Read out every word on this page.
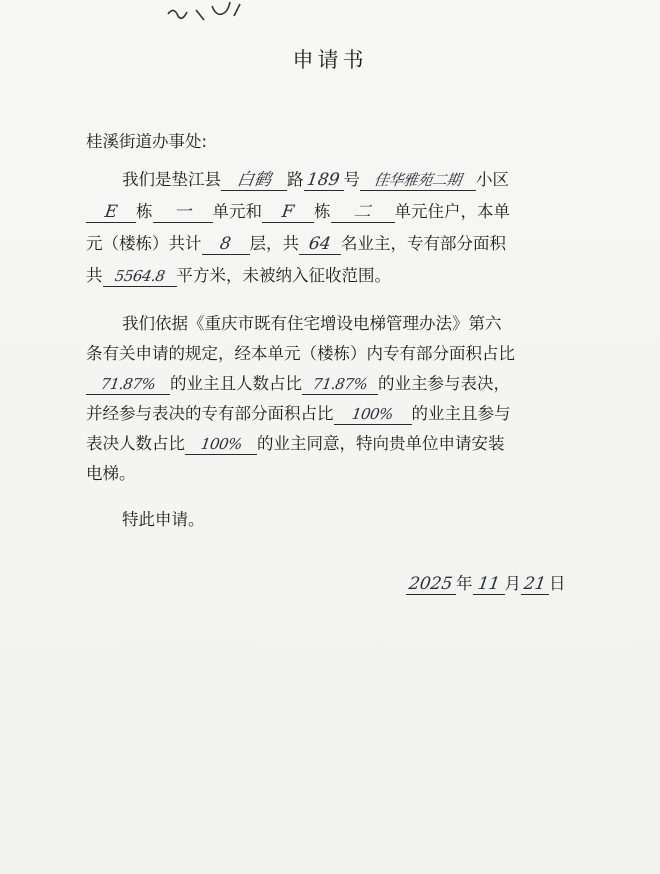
申请书
桂溪街道办事处:
我们是垫江县 白鹤 路 189 号 佳华雅苑二期 小区
E 栋 一 单元和 F 栋 二 单元住户，本单
元（楼栋）共计 8 层，共 64 名业主，专有部分面积
共 5564.8 平方米，未被纳入征收范围。
我们依据《重庆市既有住宅增设电梯管理办法》第六
条有关申请的规定，经本单元（楼栋）内专有部分面积占比
71.87% 的业主且人数占比 71.87% 的业主参与表决，
并经参与表决的专有部分面积占比 100% 的业主且参与
表决人数占比 100% 的业主同意，特向贵单位申请安装
电梯。
特此申请。
2025 年 11 月 21 日
